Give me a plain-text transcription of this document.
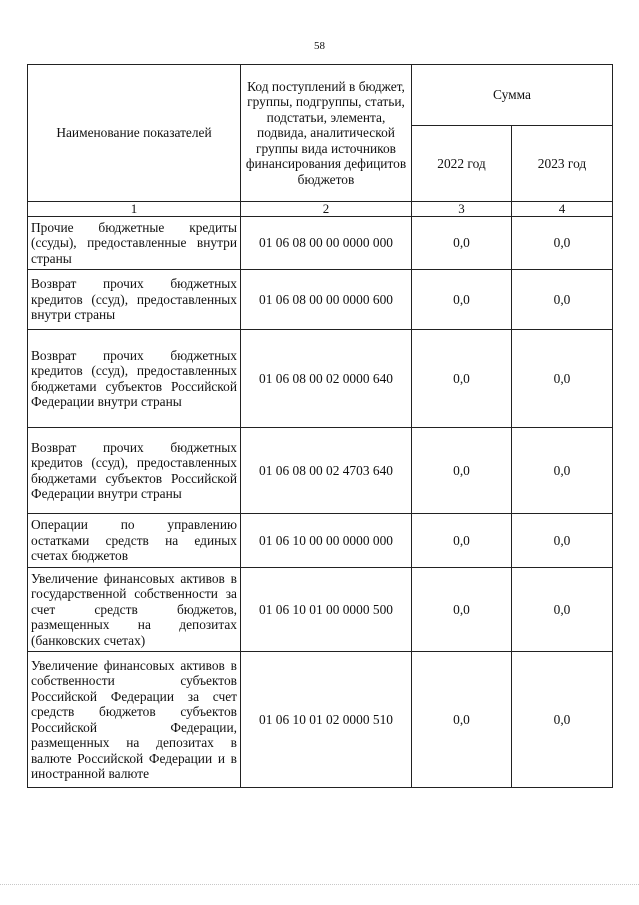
58
Наименование показателей	Код поступлений в бюджет, группы, подгруппы, статьи, подстатьи, элемента, подвида, аналитической группы вида источников финансирования дефицитов бюджетов	Сумма	
		2022 год	2023 год
1	2	3	4
Прочие бюджетные кредиты (ссуды), предоставленные внутри страны	01 06 08 00 00 0000 000	0,0	0,0
Возврат прочих бюджетных кредитов (ссуд), предоставленных внутри страны	01 06 08 00 00 0000 600	0,0	0,0
Возврат прочих бюджетных кредитов (ссуд), предоставленных бюджетами субъектов Российской Федерации внутри страны	01 06 08 00 02 0000 640	0,0	0,0
Возврат прочих бюджетных кредитов (ссуд), предоставленных бюджетами субъектов Российской Федерации внутри страны	01 06 08 00 02 4703 640	0,0	0,0
Операции по управлению остатками средств на единых счетах бюджетов	01 06 10 00 00 0000 000	0,0	0,0
Увеличение финансовых активов в государственной собственности за счет средств бюджетов, размещенных на депозитах (банковских счетах)	01 06 10 01 00 0000 500	0,0	0,0
Увеличение финансовых активов в собственности субъектов Российской Федерации за счет средств бюджетов субъектов Российской Федерации, размещенных на депозитах в валюте Российской Федерации и в иностранной валюте	01 06 10 01 02 0000 510	0,0	0,0
